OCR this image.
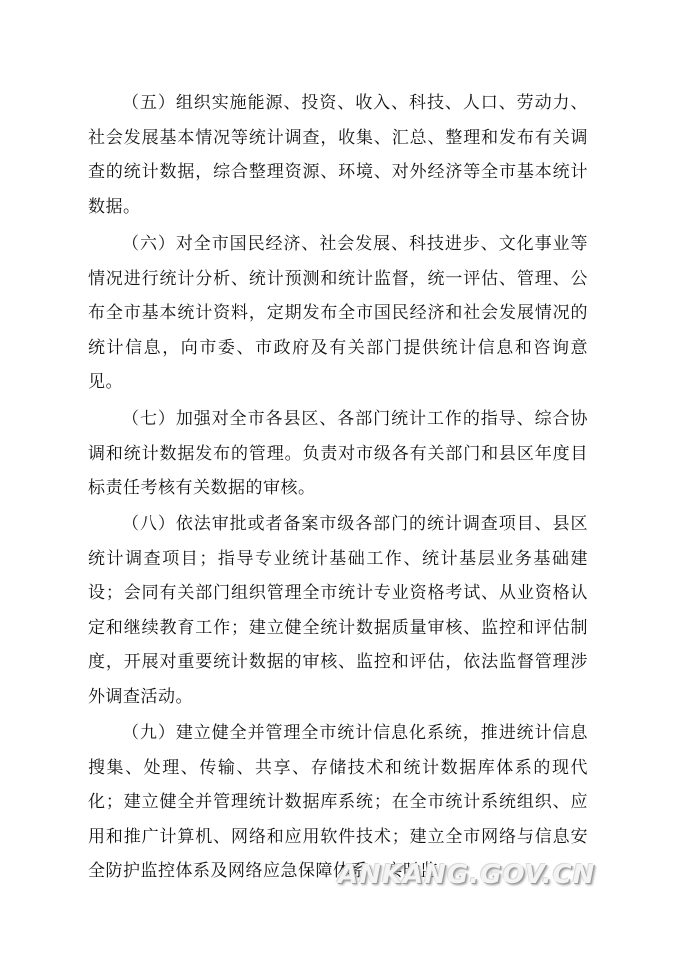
（五）组织实施能源、投资、收入、科技、人口、劳动力、社会发展基本情况等统计调查，收集、汇总、整理和发布有关调查的统计数据，综合整理资源、环境、对外经济等全市基本统计数据。

（六）对全市国民经济、社会发展、科技进步、文化事业等情况进行统计分析、统计预测和统计监督，统一评估、管理、公布全市基本统计资料，定期发布全市国民经济和社会发展情况的统计信息，向市委、市政府及有关部门提供统计信息和咨询意见。

（七）加强对全市各县区、各部门统计工作的指导、综合协调和统计数据发布的管理。负责对市级各有关部门和县区年度目标责任考核有关数据的审核。

（八）依法审批或者备案市级各部门的统计调查项目、县区统计调查项目；指导专业统计基础工作、统计基层业务基础建设；会同有关部门组织管理全市统计专业资格考试、从业资格认定和继续教育工作；建立健全统计数据质量审核、监控和评估制度，开展对重要统计数据的审核、监控和评估，依法监督管理涉外调查活动。

（九）建立健全并管理全市统计信息化系统，推进统计信息搜集、处理、传输、共享、存储技术和统计数据库体系的现代化；建立健全并管理统计数据库系统；在全市统计系统组织、应用和推广计算机、网络和应用软件技术；建立全市网络与信息安全防护监控体系及网络应急保障体系，实时监

ANKANG.GOV.CN
